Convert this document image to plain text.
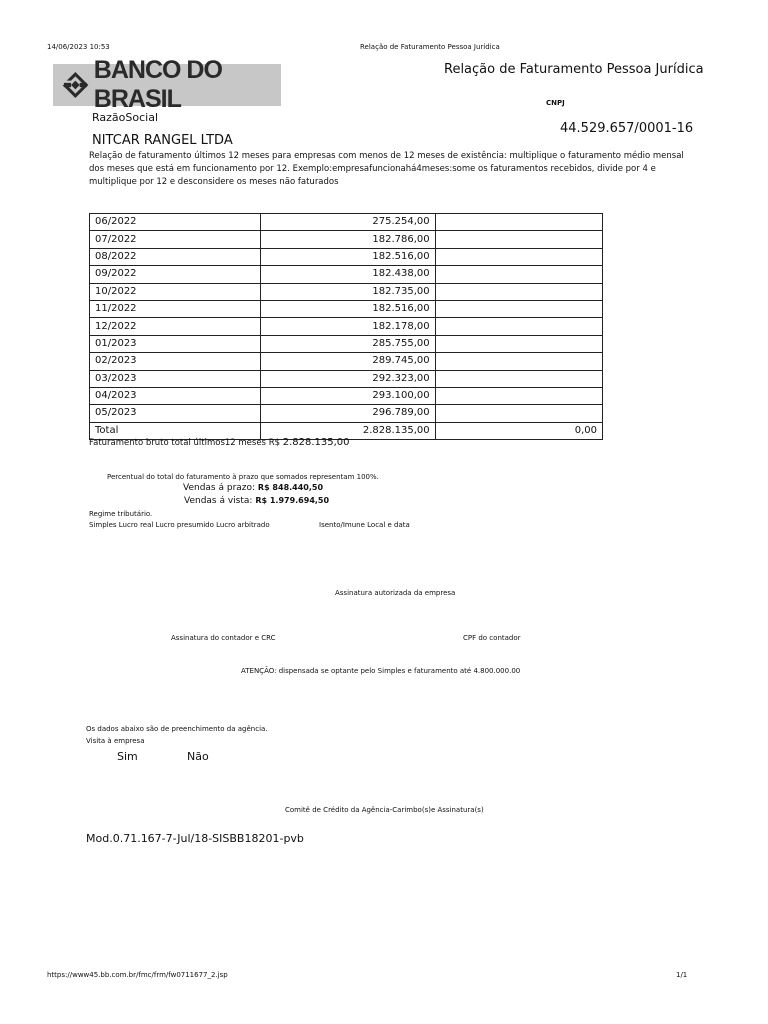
14/06/2023 10:53	Relação de Faturamento Pessoa Jurídica
BANCO DO BRASIL
Relação de Faturamento Pessoa Jurídica
CNPJ
44.529.657/0001-16
RazãoSocial
NITCAR RANGEL LTDA
Relação de faturamento últimos 12 meses para empresas com menos de 12 meses de existência: multiplique o faturamento médio mensal
dos meses que está em funcionamento por 12. Exemplo:empresafuncionahá4meses:some os faturamentos recebidos, divide por 4 e
multiplique por 12 e desconsidere os meses não faturados
06/2022	275.254,00	
07/2022	182.786,00	
08/2022	182.516,00	
09/2022	182.438,00	
10/2022	182.735,00	
11/2022	182.516,00	
12/2022	182.178,00	
01/2023	285.755,00	
02/2023	289.745,00	
03/2023	292.323,00	
04/2023	293.100,00	
05/2023	296.789,00	
Total	2.828.135,00	0,00
Faturamento bruto total últimos12 meses R$ 2.828.135,00
Percentual do total do faturamento à prazo que somados representam 100%.
Vendas á prazo: R$ 848.440,50
Vendas á vista: R$ 1.979.694,50
Regime tributário.
Simples Lucro real Lucro presumido Lucro arbitrado	Isento/Imune Local e data
Assinatura autorizada da empresa
Assinatura do contador e CRC	CPF do contador
ATENÇÃO: dispensada se optante pelo Simples e faturamento até 4.800.000.00
Os dados abaixo são de preenchimento da agência.
Visita à empresa
Sim	Não
Comitê de Crédito da Agência-Carimbo(s)e Assinatura(s)
Mod.0.71.167-7-Jul/18-SISBB18201-pvb
https://www45.bb.com.br/fmc/frm/fw0711677_2.jsp	1/1
